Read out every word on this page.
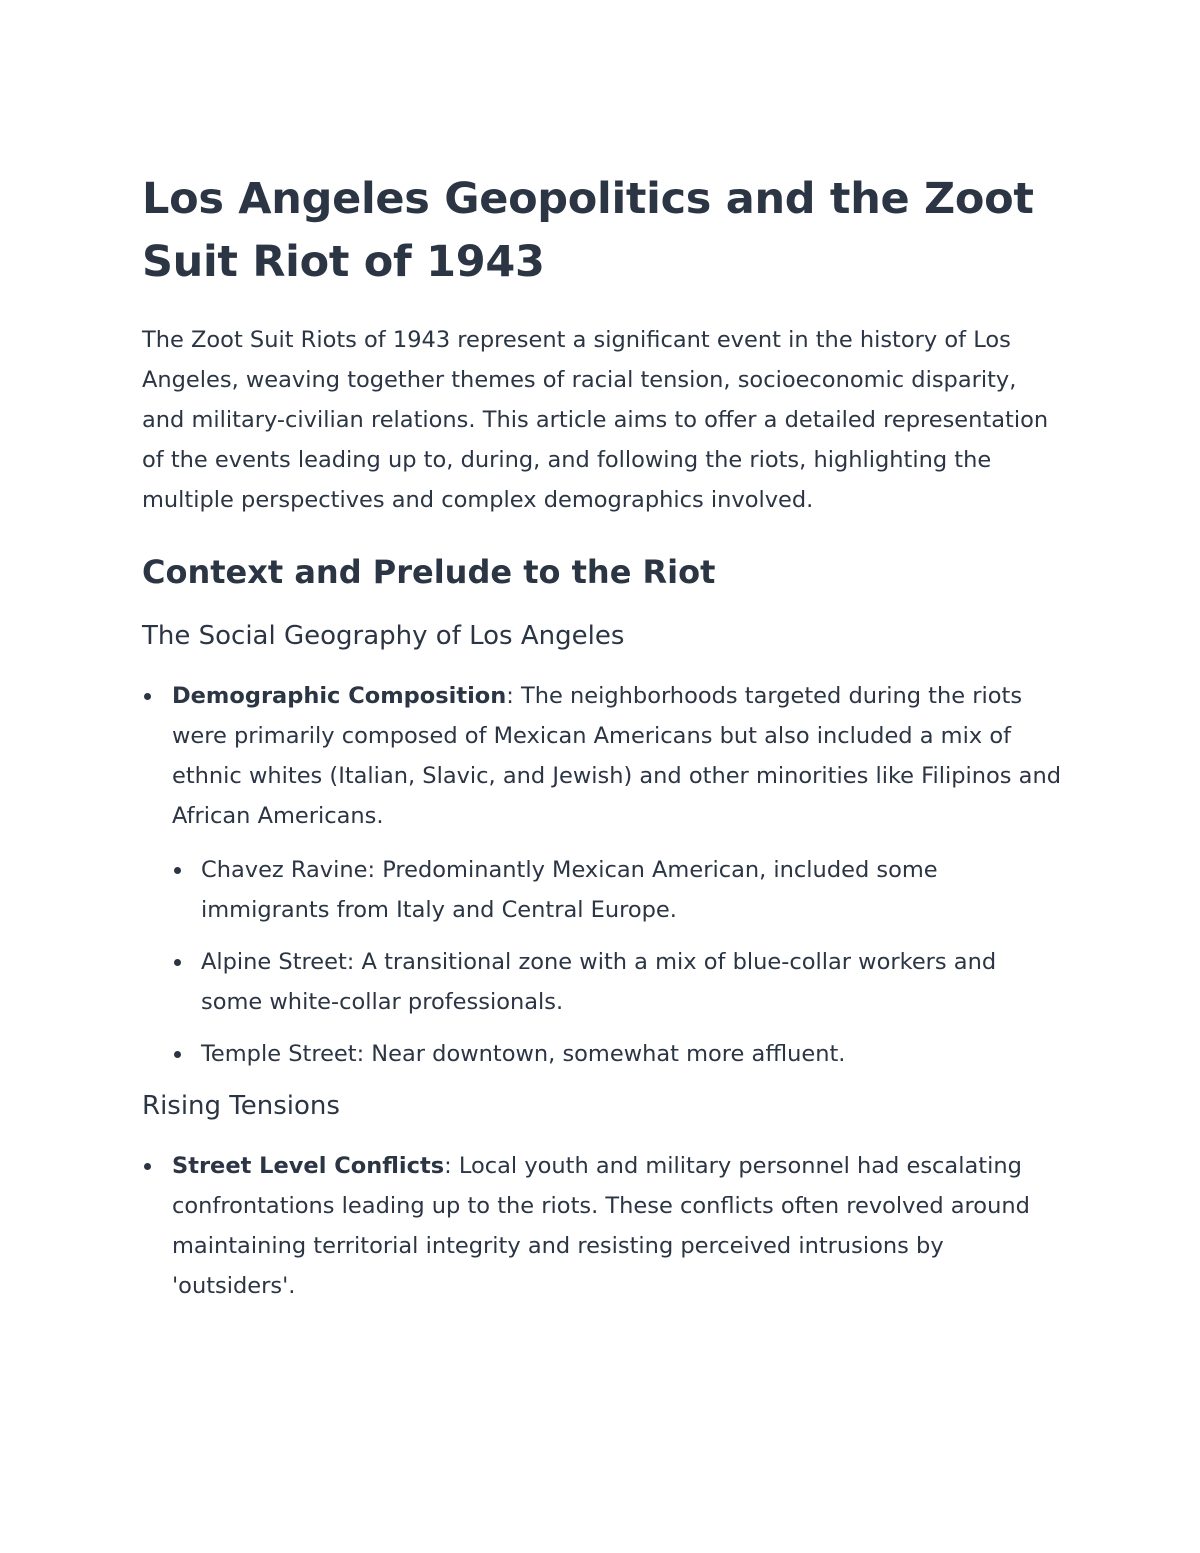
Los Angeles Geopolitics and the Zoot Suit Riot of 1943

The Zoot Suit Riots of 1943 represent a significant event in the history of Los Angeles, weaving together themes of racial tension, socioeconomic disparity, and military-civilian relations. This article aims to offer a detailed representation of the events leading up to, during, and following the riots, highlighting the multiple perspectives and complex demographics involved.

Context and Prelude to the Riot
The Social Geography of Los Angeles
Demographic Composition: The neighborhoods targeted during the riots were primarily composed of Mexican Americans but also included a mix of ethnic whites (Italian, Slavic, and Jewish) and other minorities like Filipinos and African Americans.
Chavez Ravine: Predominantly Mexican American, included some immigrants from Italy and Central Europe.
Alpine Street: A transitional zone with a mix of blue-collar workers and some white-collar professionals.
Temple Street: Near downtown, somewhat more affluent.
Rising Tensions
Street Level Conflicts: Local youth and military personnel had escalating confrontations leading up to the riots. These conflicts often revolved around maintaining territorial integrity and resisting perceived intrusions by 'outsiders'.
